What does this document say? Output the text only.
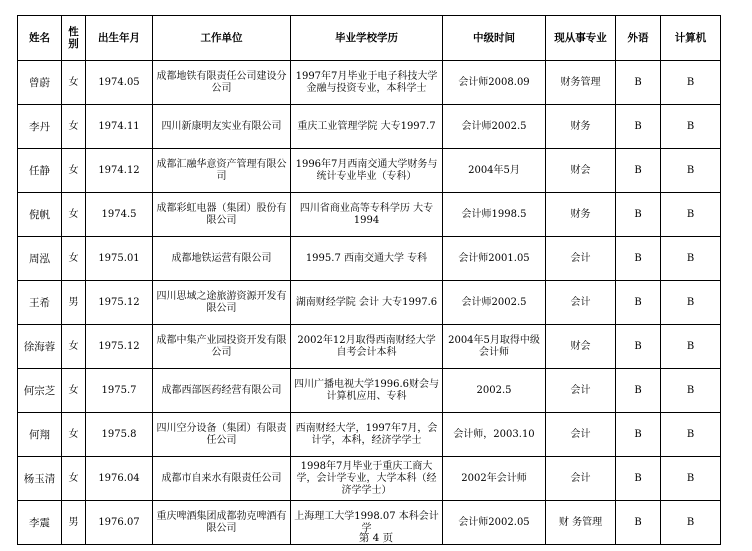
姓名	性别	出生年月	工作单位	毕业学校学历	中级时间	现从事专业	外语	计算机
曾蔚	女	1974.05	成都地铁有限责任公司建设分公司	1997年7月毕业于电子科技大学金融与投资专业，本科学士	会计师2008.09	财务管理	B	B
李丹	女	1974.11	四川新康明友实业有限公司	重庆工业管理学院 大专1997.7	会计师2002.5	财务	B	B
任静	女	1974.12	成都汇融华意资产管理有限公司	1996年7月西南交通大学财务与统计专业毕业（专科）	2004年5月	财会	B	B
倪帆	女	1974.5	成都彩虹电器（集团）股份有限公司	四川省商业高等专科学历 大专1994	会计师1998.5	财务	B	B
周泓	女	1975.01	成都地铁运营有限公司	1995.7 西南交通大学 专科	会计师2001.05	会计	B	B
王希	男	1975.12	四川思域之途旅游资源开发有限公司	湖南财经学院 会计 大专1997.6	会计师2002.5	会计	B	B
徐海蓉	女	1975.12	成都中集产业园投资开发有限公司	2002年12月取得西南财经大学自考会计本科	2004年5月取得中级会计师	财会	B	B
何宗芝	女	1975.7	成都西部医药经营有限公司	四川广播电视大学1996.6财会与计算机应用、专科	2002.5	会计	B	B
何翔	女	1975.8	四川空分设备（集团）有限责任公司	西南财经大学，1997年7月，会计学，本科，经济学学士	会计师，2003.10	会计	B	B
杨玉清	女	1976.04	成都市自来水有限责任公司	1998年7月毕业于重庆工商大学，会计学专业，大学本科（经济学学士）	2002年会计师	会计	B	B
李震	男	1976.07	重庆啤酒集团成都勃克啤酒有限公司	上海理工大学1998.07 本科会计学	会计师2002.05	财 务管理	B	B
第 4 页
